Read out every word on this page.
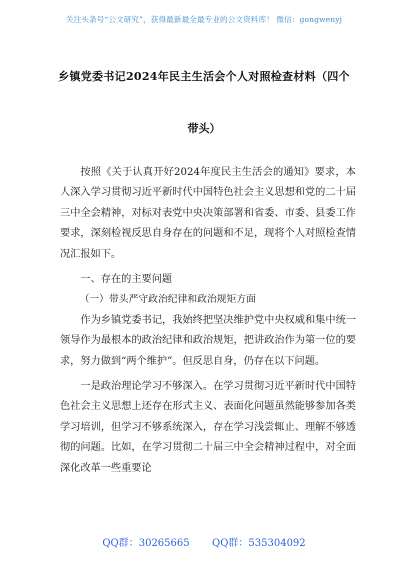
关注头条号“公文研究”，获得最新最全最专业的公文资料库！ 微信：gongwenyj
乡镇党委书记2024年民主生活会个人对照检查材料（四个
带头）

按照《关于认真开好2024年度民主生活会的通知》要求，本人深入学习贯彻习近平新时代中国特色社会主义思想和党的二十届三中全会精神，对标对表党中央决策部署和省委、市委、县委工作要求，深刻检视反思自身存在的问题和不足，现将个人对照检查情况汇报如下。

一、存在的主要问题

（一）带头严守政治纪律和政治规矩方面

作为乡镇党委书记，我始终把坚决维护党中央权威和集中统一领导作为最根本的政治纪律和政治规矩，把讲政治作为第一位的要求，努力做到“两个维护”。但反思自身，仍存在以下问题。

一是政治理论学习不够深入。在学习贯彻习近平新时代中国特色社会主义思想上还存在形式主义、表面化问题虽然能够参加各类学习培训，但学习不够系统深入，存在学习浅尝辄止、理解不够透彻的问题。比如，在学习贯彻二十届三中全会精神过程中，对全面深化改革一些重要论

QQ群：30265665 QQ群：535304092
